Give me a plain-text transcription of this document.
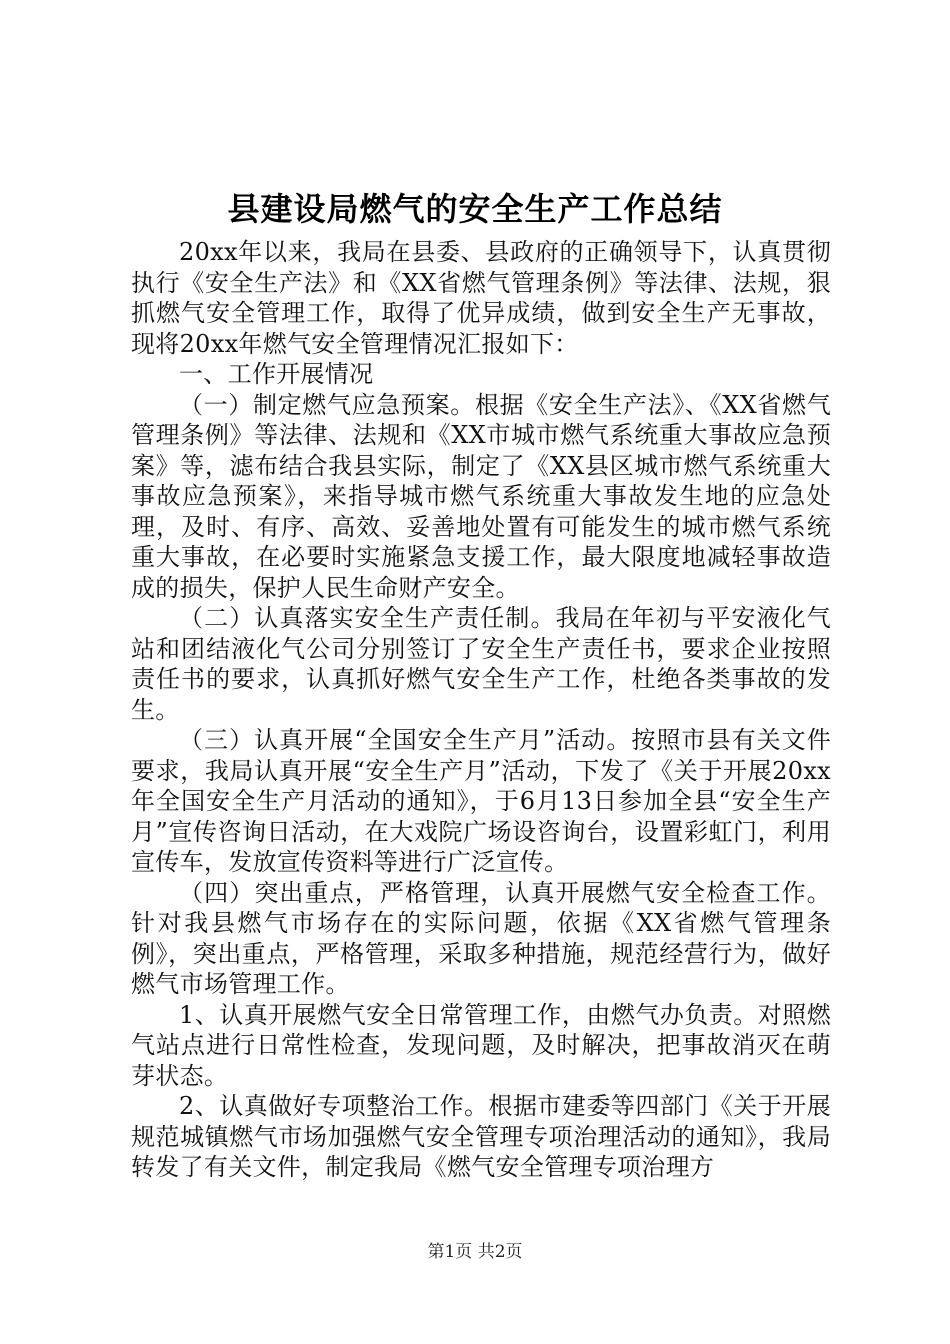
县建设局燃气的安全生产工作总结

20xx年以来，我局在县委、县政府的正确领导下，认真贯彻执行《安全生产法》和《XX省燃气管理条例》等法律、法规，狠抓燃气安全管理工作，取得了优异成绩，做到安全生产无事故，现将20xx年燃气安全管理情况汇报如下：

一、工作开展情况

（一）制定燃气应急预案。根据《安全生产法》、《XX省燃气管理条例》等法律、法规和《XX市城市燃气系统重大事故应急预案》等，滤布结合我县实际，制定了《XX县区城市燃气系统重大事故应急预案》，来指导城市燃气系统重大事故发生地的应急处理，及时、有序、高效、妥善地处置有可能发生的城市燃气系统重大事故，在必要时实施紧急支援工作，最大限度地减轻事故造成的损失，保护人民生命财产安全。

（二）认真落实安全生产责任制。我局在年初与平安液化气站和团结液化气公司分别签订了安全生产责任书，要求企业按照责任书的要求，认真抓好燃气安全生产工作，杜绝各类事故的发生。

（三）认真开展“全国安全生产月”活动。按照市县有关文件要求，我局认真开展“安全生产月”活动，下发了《关于开展20xx年全国安全生产月活动的通知》，于6月13日参加全县“安全生产月”宣传咨询日活动，在大戏院广场设咨询台，设置彩虹门，利用宣传车，发放宣传资料等进行广泛宣传。

（四）突出重点，严格管理，认真开展燃气安全检查工作。针对我县燃气市场存在的实际问题，依据《XX省燃气管理条例》，突出重点，严格管理，采取多种措施，规范经营行为，做好燃气市场管理工作。

1、认真开展燃气安全日常管理工作，由燃气办负责。对照燃气站点进行日常性检查，发现问题，及时解决，把事故消灭在萌芽状态。

2、认真做好专项整治工作。根据市建委等四部门《关于开展规范城镇燃气市场加强燃气安全管理专项治理活动的通知》，我局转发了有关文件，制定我局《燃气安全管理专项治理方

第1页 共2页
